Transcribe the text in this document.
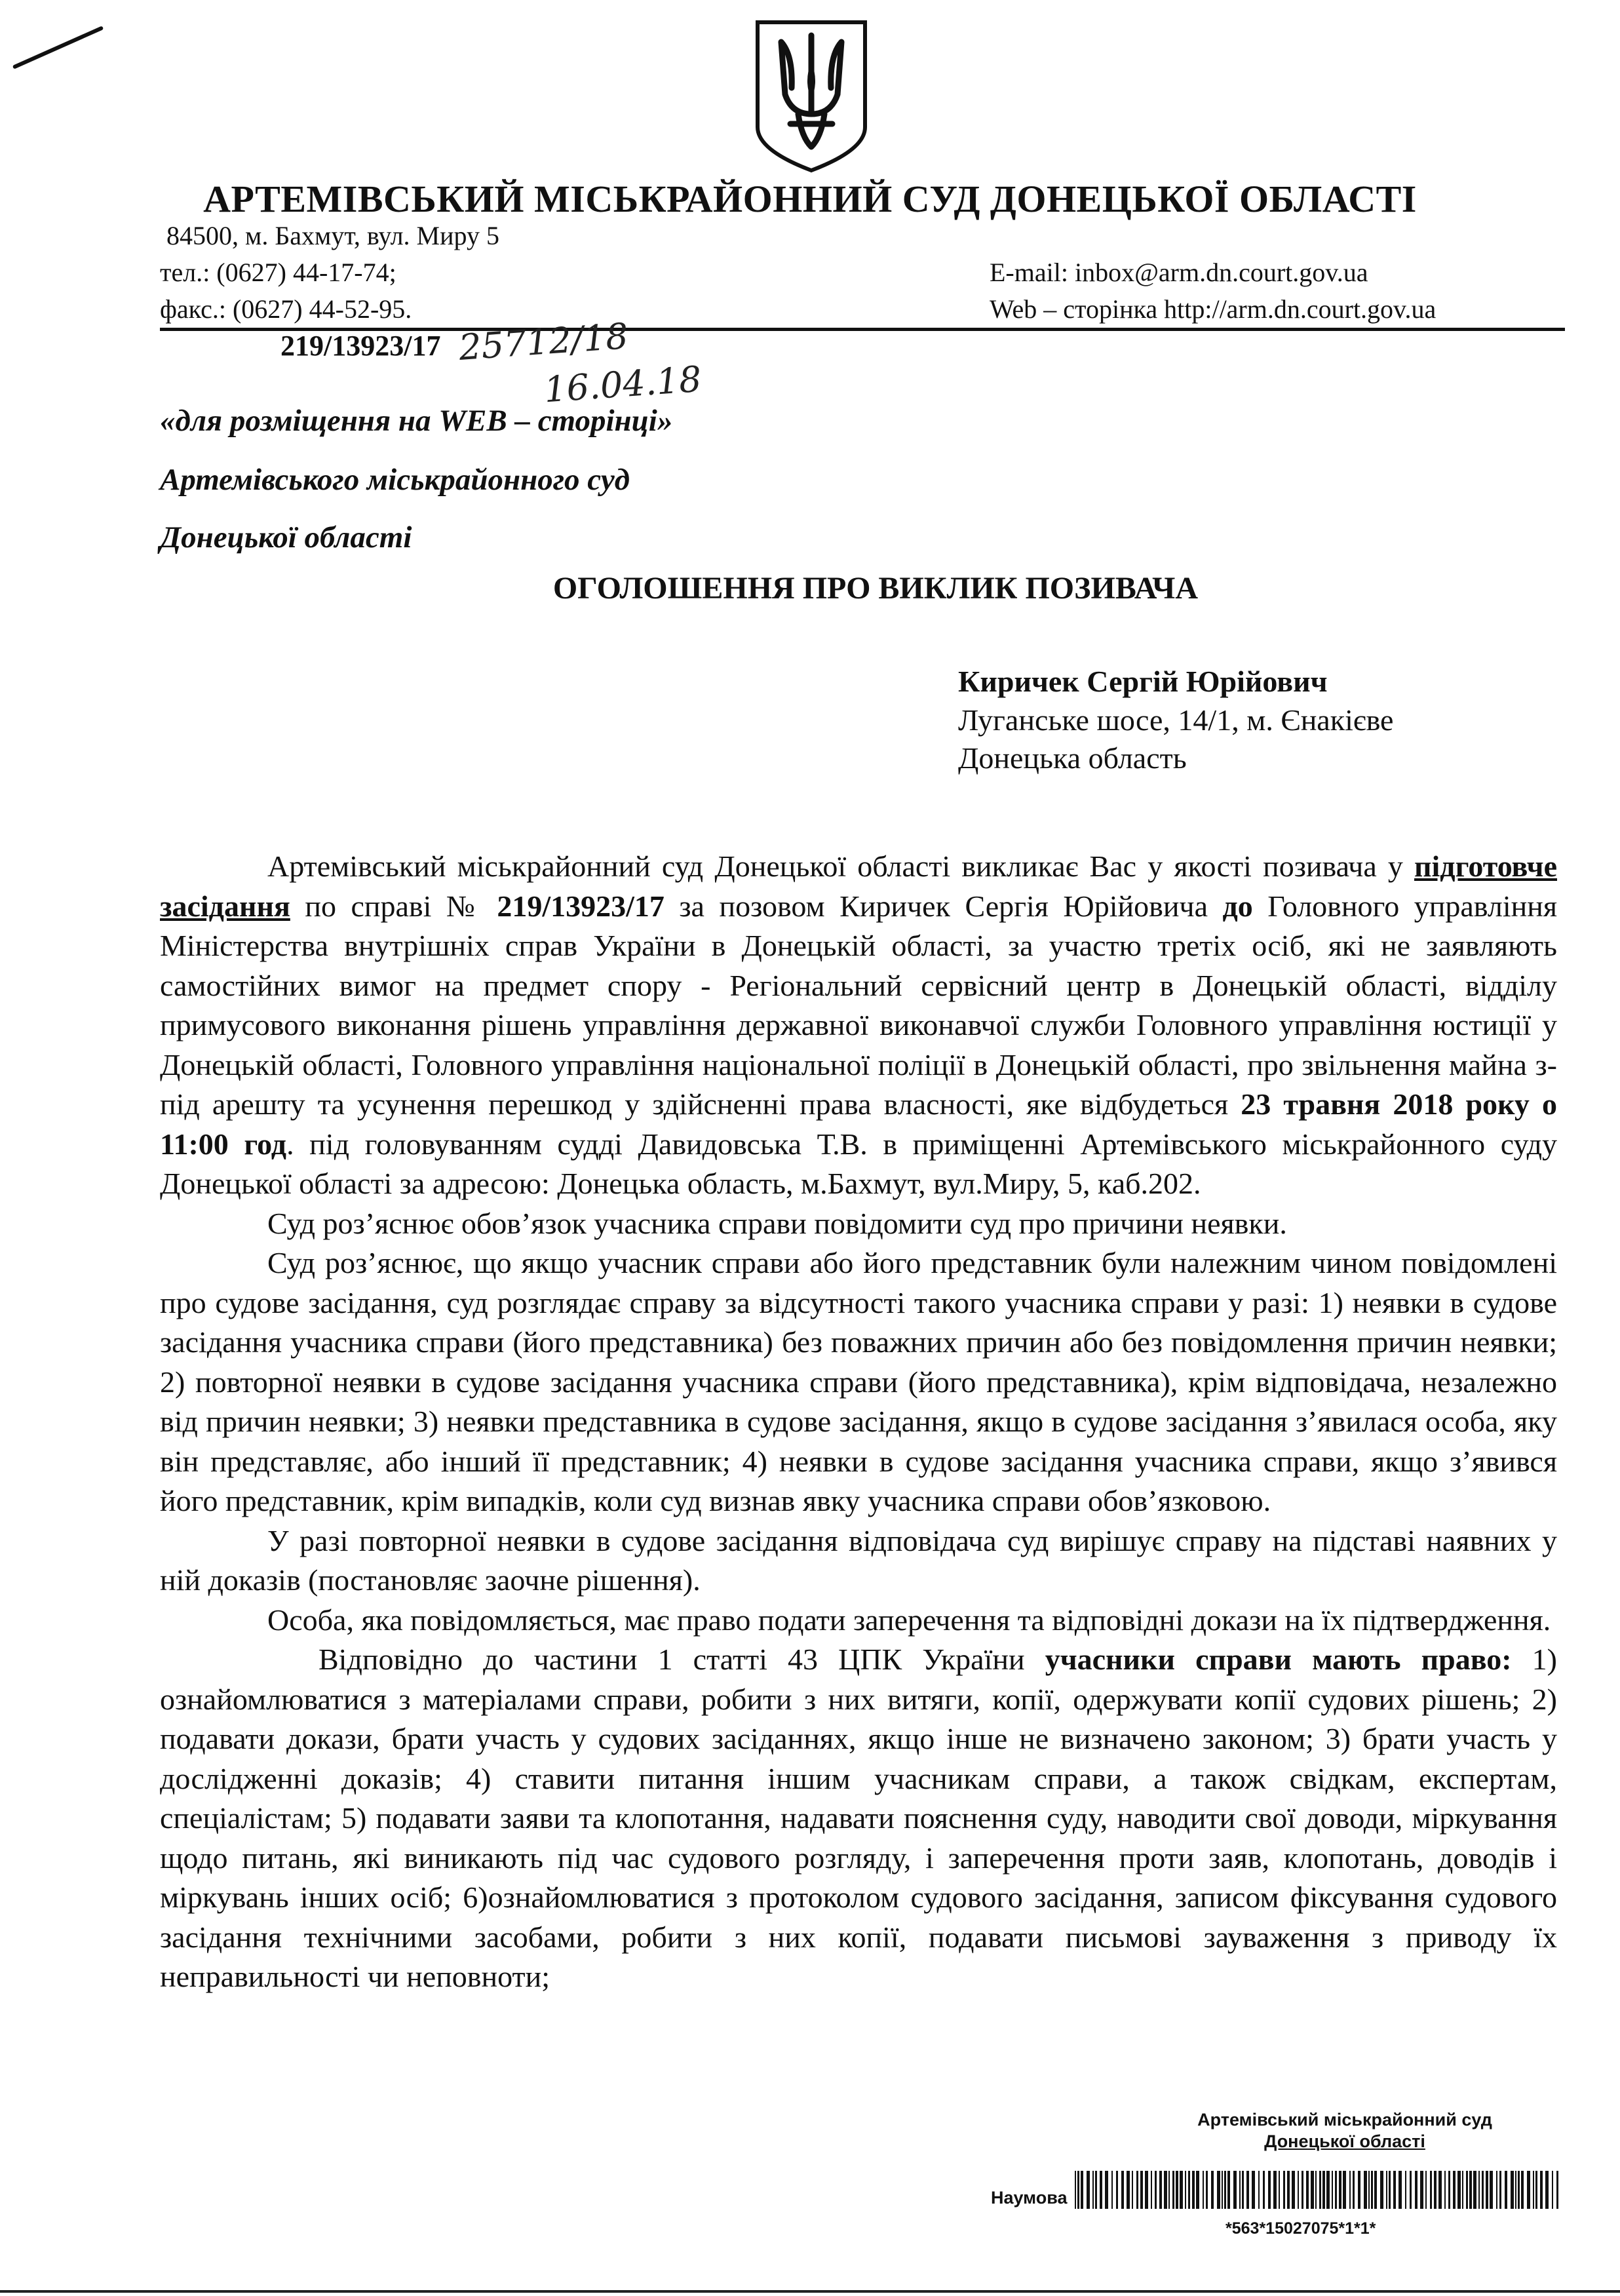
АРТЕМІВСЬКИЙ МІСЬКРАЙОННИЙ СУД ДОНЕЦЬКОЇ ОБЛАСТІ
84500, м. Бахмут, вул. Миру 5
тел.: (0627) 44-17-74;
факс.: (0627) 44-52-95.
E-mail: inbox@arm.dn.court.gov.ua
Web – сторінка http://arm.dn.court.gov.ua
219/13923/17 25712/18
16.04.18
«для розміщення на WEB – сторінці»
Артемівського міськрайонного суд
Донецької області
ОГОЛОШЕННЯ ПРО ВИКЛИК ПОЗИВАЧА
Киричек Сергій Юрійович
Луганське шосе, 14/1, м. Єнакієве
Донецька область

Артемівський міськрайонний суд Донецької області викликає Вас у якості позивача у підготовче засідання по справі № 219/13923/17 за позовом Киричек Сергія Юрійовича до Головного управління Міністерства внутрішніх справ України в Донецькій області, за участю третіх осіб, які не заявляють самостійних вимог на предмет спору - Регіональний сервісний центр в Донецькій області, відділу примусового виконання рішень управління державної виконавчої служби Головного управління юстиції у Донецькій області, Головного управління національної поліції в Донецькій області, про звільнення майна з-під арешту та усунення перешкод у здійсненні права власності, яке відбудеться 23 травня 2018 року о 11:00 год. під головуванням судді Давидовська Т.В. в приміщенні Артемівського міськрайонного суду Донецької області за адресою: Донецька область, м.Бахмут, вул.Миру, 5, каб.202.

Суд роз’яснює обов’язок учасника справи повідомити суд про причини неявки.

Суд роз’яснює, що якщо учасник справи або його представник були належним чином повідомлені про судове засідання, суд розглядає справу за відсутності такого учасника справи у разі: 1) неявки в судове засідання учасника справи (його представника) без поважних причин або без повідомлення причин неявки; 2) повторної неявки в судове засідання учасника справи (його представника), крім відповідача, незалежно від причин неявки; 3) неявки представника в судове засідання, якщо в судове засідання з’явилася особа, яку він представляє, або інший її представник; 4) неявки в судове засідання учасника справи, якщо з’явився його представник, крім випадків, коли суд визнав явку учасника справи обов’язковою.

У разі повторної неявки в судове засідання відповідача суд вирішує справу на підставі наявних у ній доказів (постановляє заочне рішення).

Особа, яка повідомляється, має право подати заперечення та відповідні докази на їх підтвердження.

Відповідно до частини 1 статті 43 ЦПК України учасники справи мають право: 1) ознайомлюватися з матеріалами справи, робити з них витяги, копії, одержувати копії судових рішень; 2) подавати докази, брати участь у судових засіданнях, якщо інше не визначено законом; 3) брати участь у дослідженні доказів; 4) ставити питання іншим учасникам справи, а також свідкам, експертам, спеціалістам; 5) подавати заяви та клопотання, надавати пояснення суду, наводити свої доводи, міркування щодо питань, які виникають під час судового розгляду, і заперечення проти заяв, клопотань, доводів і міркувань інших осіб; 6)ознайомлюватися з протоколом судового засідання, записом фіксування судового засідання технічними засобами, робити з них копії, подавати письмові зауваження з приводу їх неправильності чи неповноти;

Артемівський міськрайонний суд
Донецької області
Наумова
*563*15027075*1*1*
